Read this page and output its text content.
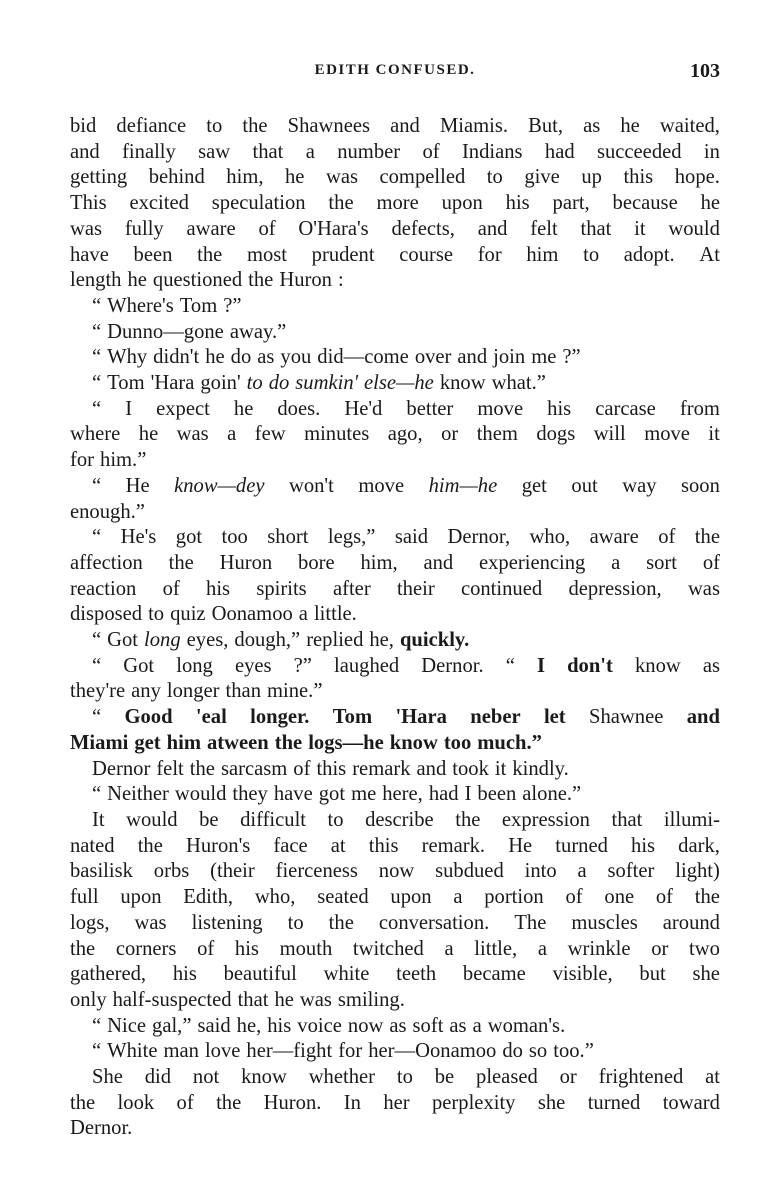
EDITH CONFUSED.	103
bid defiance to the Shawnees and Miamis. But, as he waited,
and finally saw that a number of Indians had succeeded in
getting behind him, he was compelled to give up this hope.
This excited speculation the more upon his part, because he
was fully aware of O'Hara's defects, and felt that it would
have been the most prudent course for him to adopt. At
length he questioned the Huron :
“ Where's Tom ?”
“ Dunno—gone away.”
“ Why didn't he do as you did—come over and join me ?”
“ Tom 'Hara goin' to do sumkin' else—he know what.”
“ I expect he does. He'd better move his carcase from
where he was a few minutes ago, or them dogs will move it
for him.”
“ He know—dey won't move him—he get out way soon
enough.”
“ He's got too short legs,” said Dernor, who, aware of the
affection the Huron bore him, and experiencing a sort of
reaction of his spirits after their continued depression, was
disposed to quiz Oonamoo a little.
“ Got long eyes, dough,” replied he, quickly.
“ Got long eyes ?” laughed Dernor. “ I don't know as
they're any longer than mine.”
“ Good 'eal longer. Tom 'Hara neber let Shawnee and
Miami get him atween the logs—he know too much.”
Dernor felt the sarcasm of this remark and took it kindly.
“ Neither would they have got me here, had I been alone.”
It would be difficult to describe the expression that illumi-
nated the Huron's face at this remark. He turned his dark,
basilisk orbs (their fierceness now subdued into a softer light)
full upon Edith, who, seated upon a portion of one of the
logs, was listening to the conversation. The muscles around
the corners of his mouth twitched a little, a wrinkle or two
gathered, his beautiful white teeth became visible, but she
only half-suspected that he was smiling.
“ Nice gal,” said he, his voice now as soft as a woman's.
“ White man love her—fight for her—Oonamoo do so too.”
She did not know whether to be pleased or frightened at
the look of the Huron. In her perplexity she turned toward
Dernor.
